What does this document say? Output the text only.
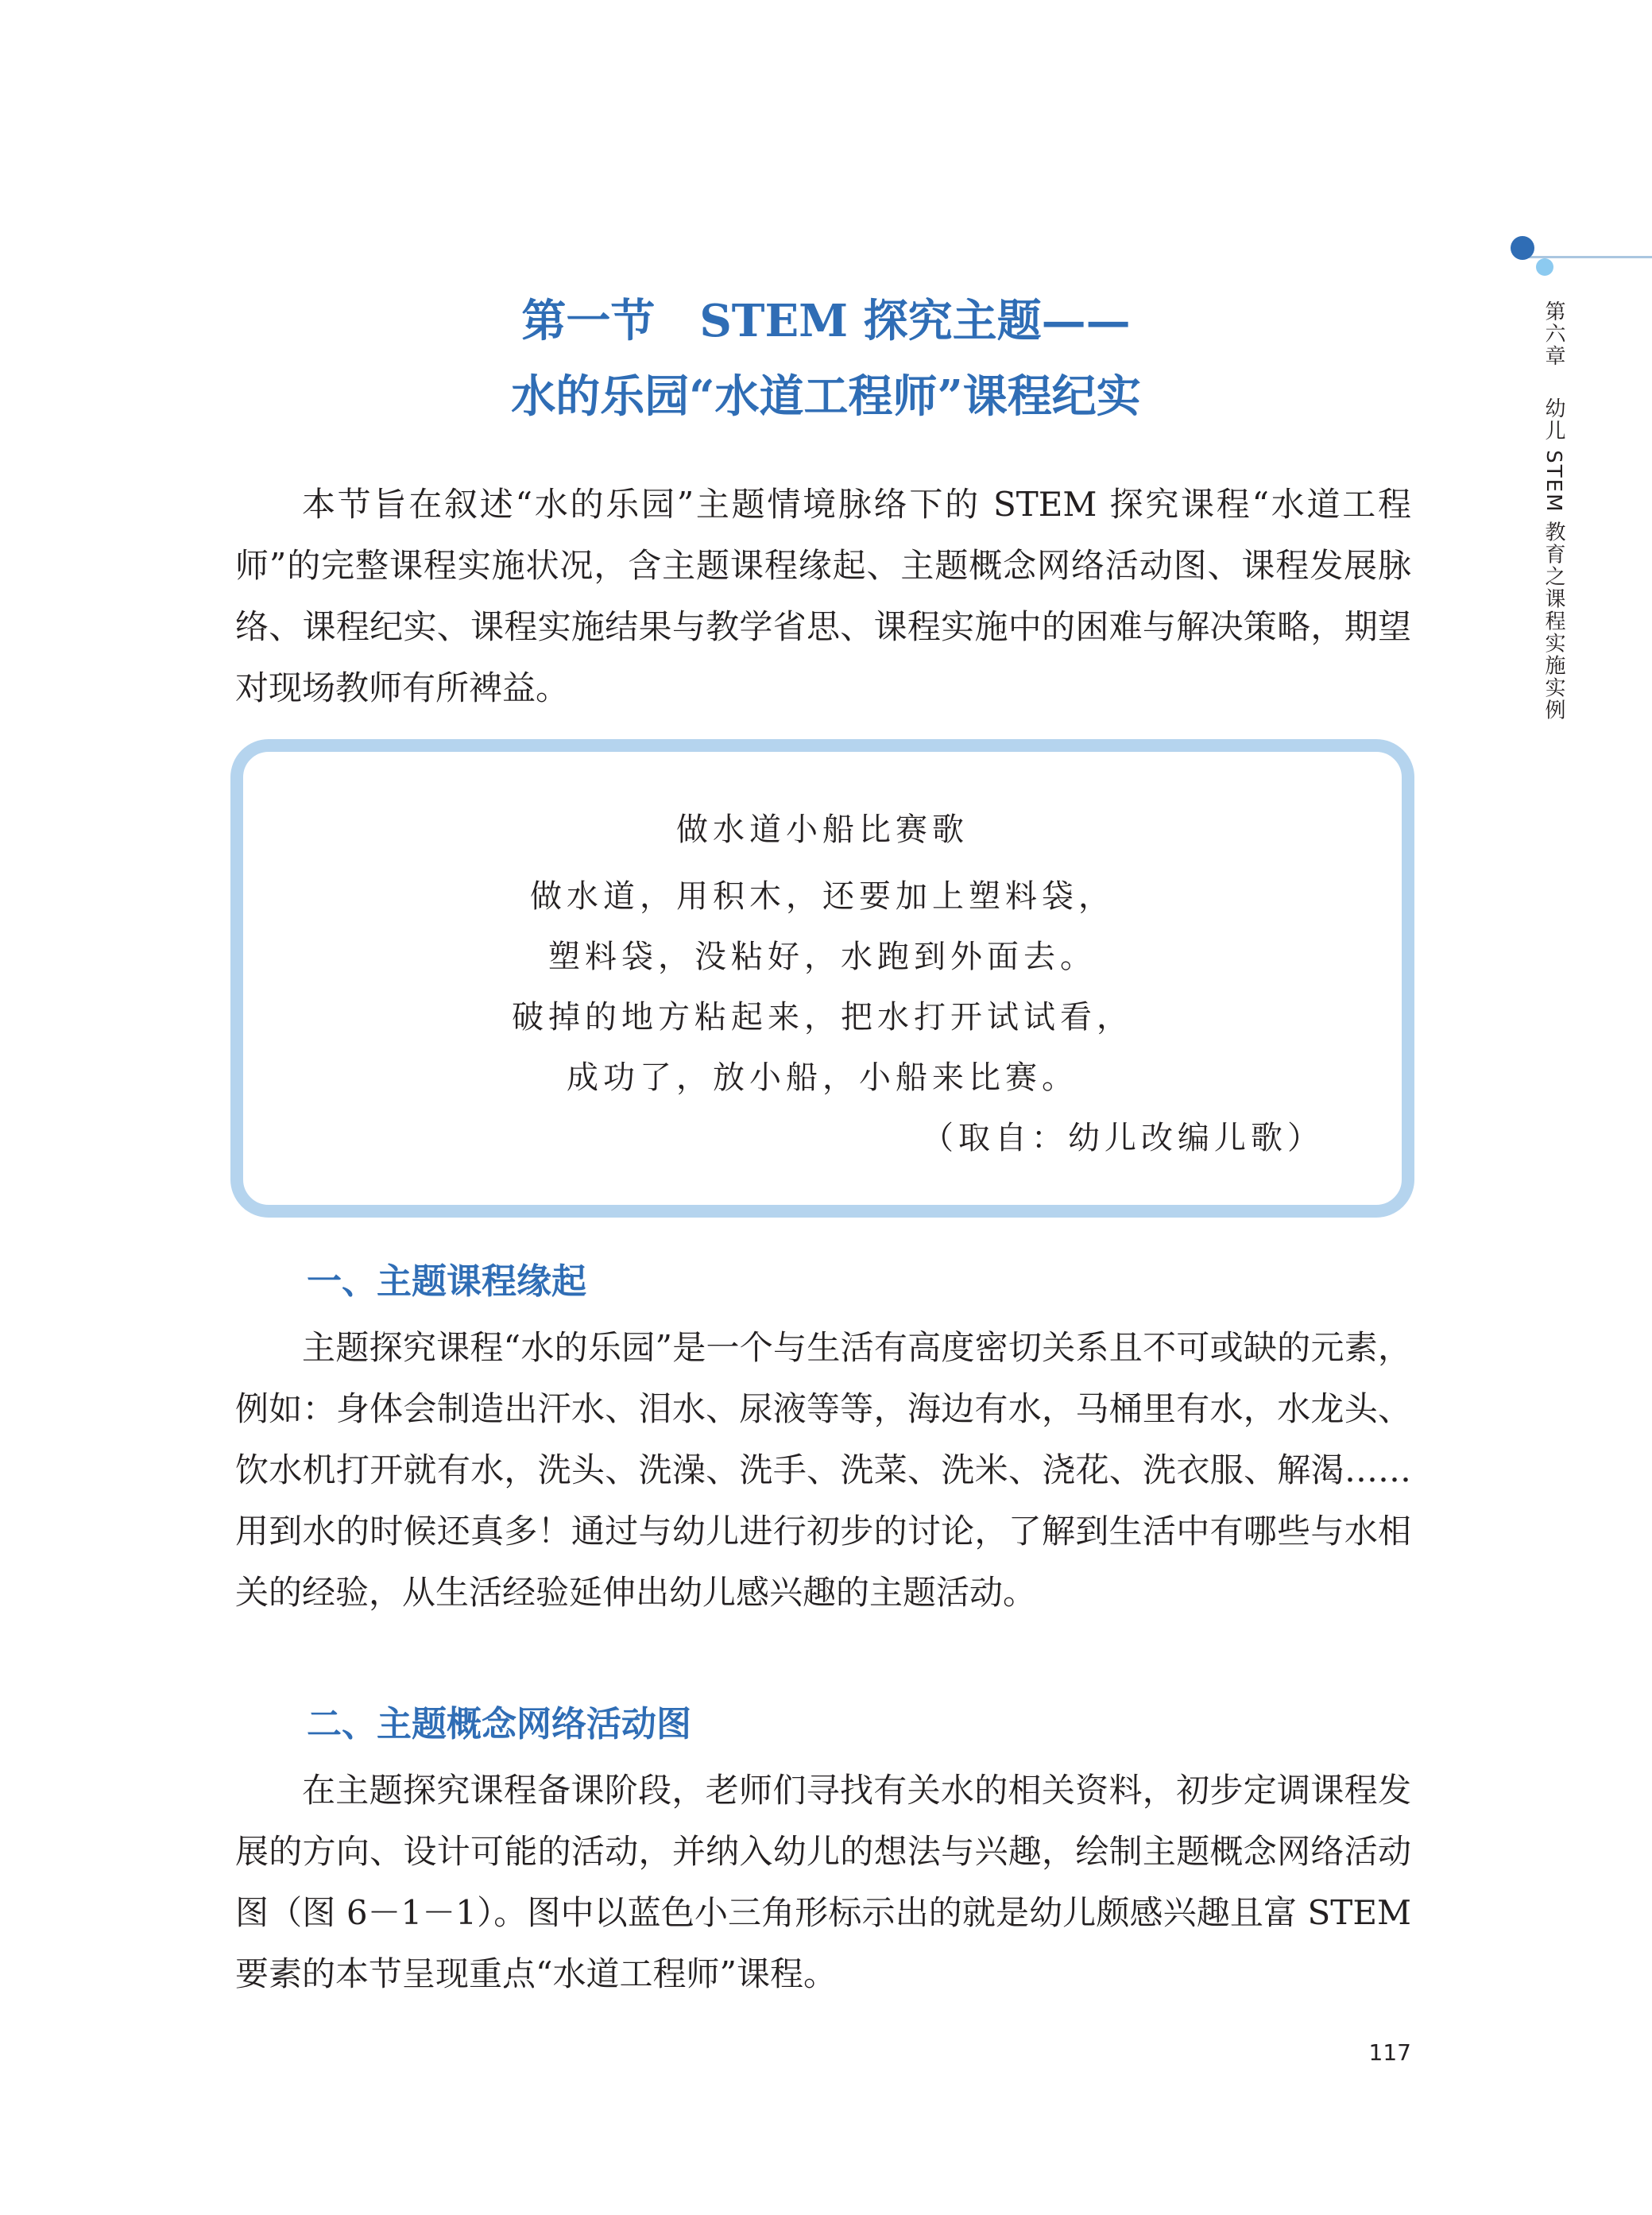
第六章幼儿 STEM 教育之课程实施实例
第一节　STEM 探究主题——
水的乐园“水道工程师”课程纪实

本节旨在叙述“水的乐园”主题情境脉络下的 STEM 探究课程“水道工程师”的完整课程实施状况，含主题课程缘起、主题概念网络活动图、课程发展脉络、课程纪实、课程实施结果与教学省思、课程实施中的困难与解决策略，期望对现场教师有所裨益。

做水道小船比赛歌

做水道，用积木，还要加上塑料袋，

塑料袋，没粘好，水跑到外面去。

破掉的地方粘起来，把水打开试试看，

成功了，放小船，小船来比赛。

（取自：幼儿改编儿歌）

一、主题课程缘起

主题探究课程“水的乐园”是一个与生活有高度密切关系且不可或缺的元素，例如：身体会制造出汗水、泪水、尿液等等，海边有水，马桶里有水，水龙头、饮水机打开就有水，洗头、洗澡、洗手、洗菜、洗米、浇花、洗衣服、解渴……用到水的时候还真多！通过与幼儿进行初步的讨论，了解到生活中有哪些与水相关的经验，从生活经验延伸出幼儿感兴趣的主题活动。

二、主题概念网络活动图

在主题探究课程备课阶段，老师们寻找有关水的相关资料，初步定调课程发展的方向、设计可能的活动，并纳入幼儿的想法与兴趣，绘制主题概念网络活动图（图 6－1－1）。图中以蓝色小三角形标示出的就是幼儿颇感兴趣且富 STEM 要素的本节呈现重点“水道工程师”课程。

117
